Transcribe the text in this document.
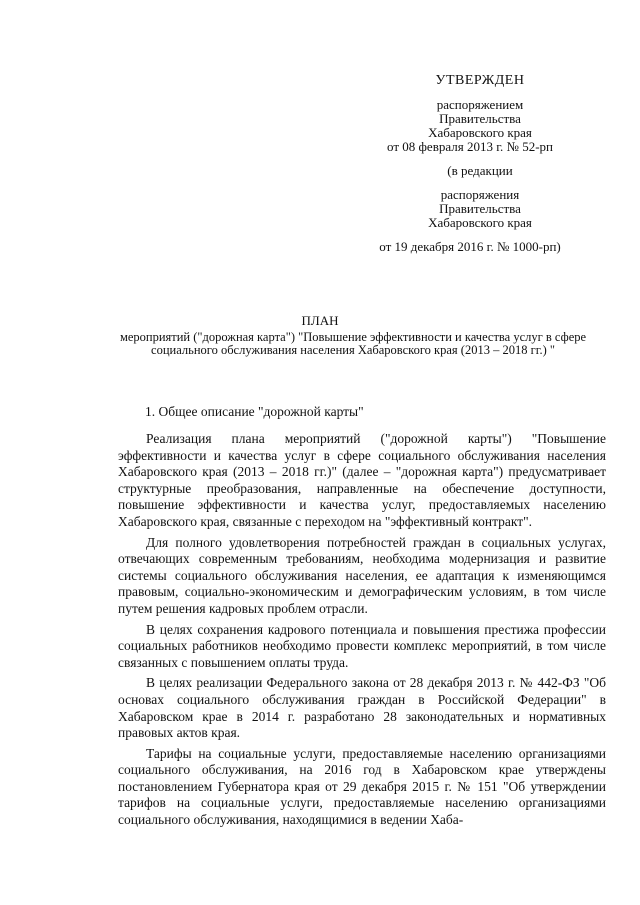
УТВЕРЖДЕН
распоряжением
Правительства
Хабаровского края
от 08 февраля 2013 г. № 52-рп
(в редакции
распоряжения
Правительства
Хабаровского края
от 19 декабря 2016 г. № 1000-рп)
ПЛАН
мероприятий ("дорожная карта") "Повышение эффективности и качества услуг в сфере социального обслуживания населения Хабаровского края (2013 – 2018 гг.) "
1. Общее описание "дорожной карты"

Реализация плана мероприятий ("дорожной карты") "Повышение эффективности и качества услуг в сфере социального обслуживания населения Хабаровского края (2013 – 2018 гг.)" (далее – "дорожная карта") предусматривает структурные преобразования, направленные на обеспечение доступности, повышение эффективности и качества услуг, предоставляемых населению Хабаровского края, связанные с переходом на "эффективный контракт".

Для полного удовлетворения потребностей граждан в социальных услугах, отвечающих современным требованиям, необходима модернизация и развитие системы социального обслуживания населения, ее адаптация к изменяющимся правовым, социально-экономическим и демографическим условиям, в том числе путем решения кадровых проблем отрасли.

В целях сохранения кадрового потенциала и повышения престижа профессии социальных работников необходимо провести комплекс мероприятий, в том числе связанных с повышением оплаты труда.

В целях реализации Федерального закона от 28 декабря 2013 г. № 442-ФЗ "Об основах социального обслуживания граждан в Российской Федерации" в Хабаровском крае в 2014 г. разработано 28 законодательных и нормативных правовых актов края.

Тарифы на социальные услуги, предоставляемые населению организациями социального обслуживания, на 2016 год в Хабаровском крае утверждены постановлением Губернатора края от 29 декабря 2015 г. № 151 "Об утверждении тарифов на социальные услуги, предоставляемые населению организациями социального обслуживания, находящимися в ведении Хаба-
